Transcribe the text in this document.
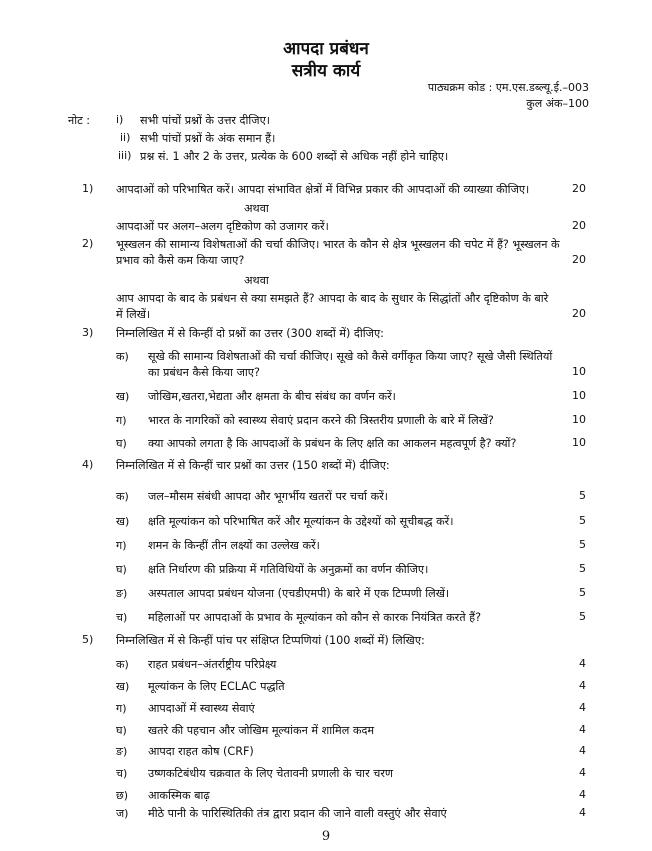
आपदा प्रबंधन
सत्रीय कार्य
पाठ्यक्रम कोड : एम.एस.डब्ल्यू.ई.–003
कुल अंक–100
नोट : i) सभी पांचों प्रश्नों के उत्तर दीजिए।
ii) सभी पांचों प्रश्नों के अंक समान हैं।
iii) प्रश्न सं. 1 और 2 के उत्तर, प्रत्येक के 600 शब्दों से अधिक नहीं होने चाहिए।
1) आपदाओं को परिभाषित करें। आपदा संभावित क्षेत्रों में विभिन्न प्रकार की आपदाओं की व्याख्या कीजिए।	20
अथवा
आपदाओं पर अलग–अलग दृष्टिकोण को उजागर करें।	20
2) भूस्खलन की सामान्य विशेषताओं की चर्चा कीजिए। भारत के कौन से क्षेत्र भूस्खलन की चपेट में हैं? भूस्खलन के
प्रभाव को कैसे कम किया जाए?	20
अथवा
आप आपदा के बाद के प्रबंधन से क्या समझते हैं? आपदा के बाद के सुधार के सिद्धांतों और दृष्टिकोण के बारे
में लिखें।	20
3) निम्नलिखित में से किन्हीं दो प्रश्नों का उत्तर (300 शब्दों में) दीजिए:
क) सूखे की सामान्य विशेषताओं की चर्चा कीजिए। सूखे को कैसे वर्गीकृत किया जाए? सूखे जैसी स्थितियों
का प्रबंधन कैसे किया जाए?	10
ख) जोखिम,खतरा,भेद्यता और क्षमता के बीच संबंध का वर्णन करें।	10
ग) भारत के नागरिकों को स्वास्थ्य सेवाएं प्रदान करने की त्रिस्तरीय प्रणाली के बारे में लिखें?	10
घ) क्या आपको लगता है कि आपदाओं के प्रबंधन के लिए क्षति का आकलन महत्वपूर्ण है? क्यों?	10
4) निम्नलिखित में से किन्हीं चार प्रश्नों का उत्तर (150 शब्दों में) दीजिए:
क) जल–मौसम संबंधी आपदा और भूगर्भीय खतरों पर चर्चा करें।	5
ख) क्षति मूल्यांकन को परिभाषित करें और मूल्यांकन के उद्देश्यों को सूचीबद्ध करें।	5
ग) शमन के किन्हीं तीन लक्ष्यों का उल्लेख करें।	5
घ) क्षति निर्धारण की प्रक्रिया में गतिविधियों के अनुक्रमों का वर्णन कीजिए।	5
ङ) अस्पताल आपदा प्रबंधन योजना (एचडीएमपी) के बारे में एक टिप्पणी लिखें।	5
च) महिलाओं पर आपदाओं के प्रभाव के मूल्यांकन को कौन से कारक नियंत्रित करते हैं?	5
5) निम्नलिखित में से किन्हीं पांच पर संक्षिप्त टिप्पणियां (100 शब्दों में) लिखिए:
क) राहत प्रबंधन–अंतर्राष्ट्रीय परिप्रेक्ष्य	4
ख) मूल्यांकन के लिए ECLAC पद्धति	4
ग) आपदाओं में स्वास्थ्य सेवाएं	4
घ) खतरे की पहचान और जोखिम मूल्यांकन में शामिल कदम	4
ङ) आपदा राहत कोष (CRF)	4
च) उष्णकटिबंधीय चक्रवात के लिए चेतावनी प्रणाली के चार चरण	4
छ) आकस्मिक बाढ़	4
ज) मीठे पानी के पारिस्थितिकी तंत्र द्वारा प्रदान की जाने वाली वस्तुएं और सेवाएं	4
9
